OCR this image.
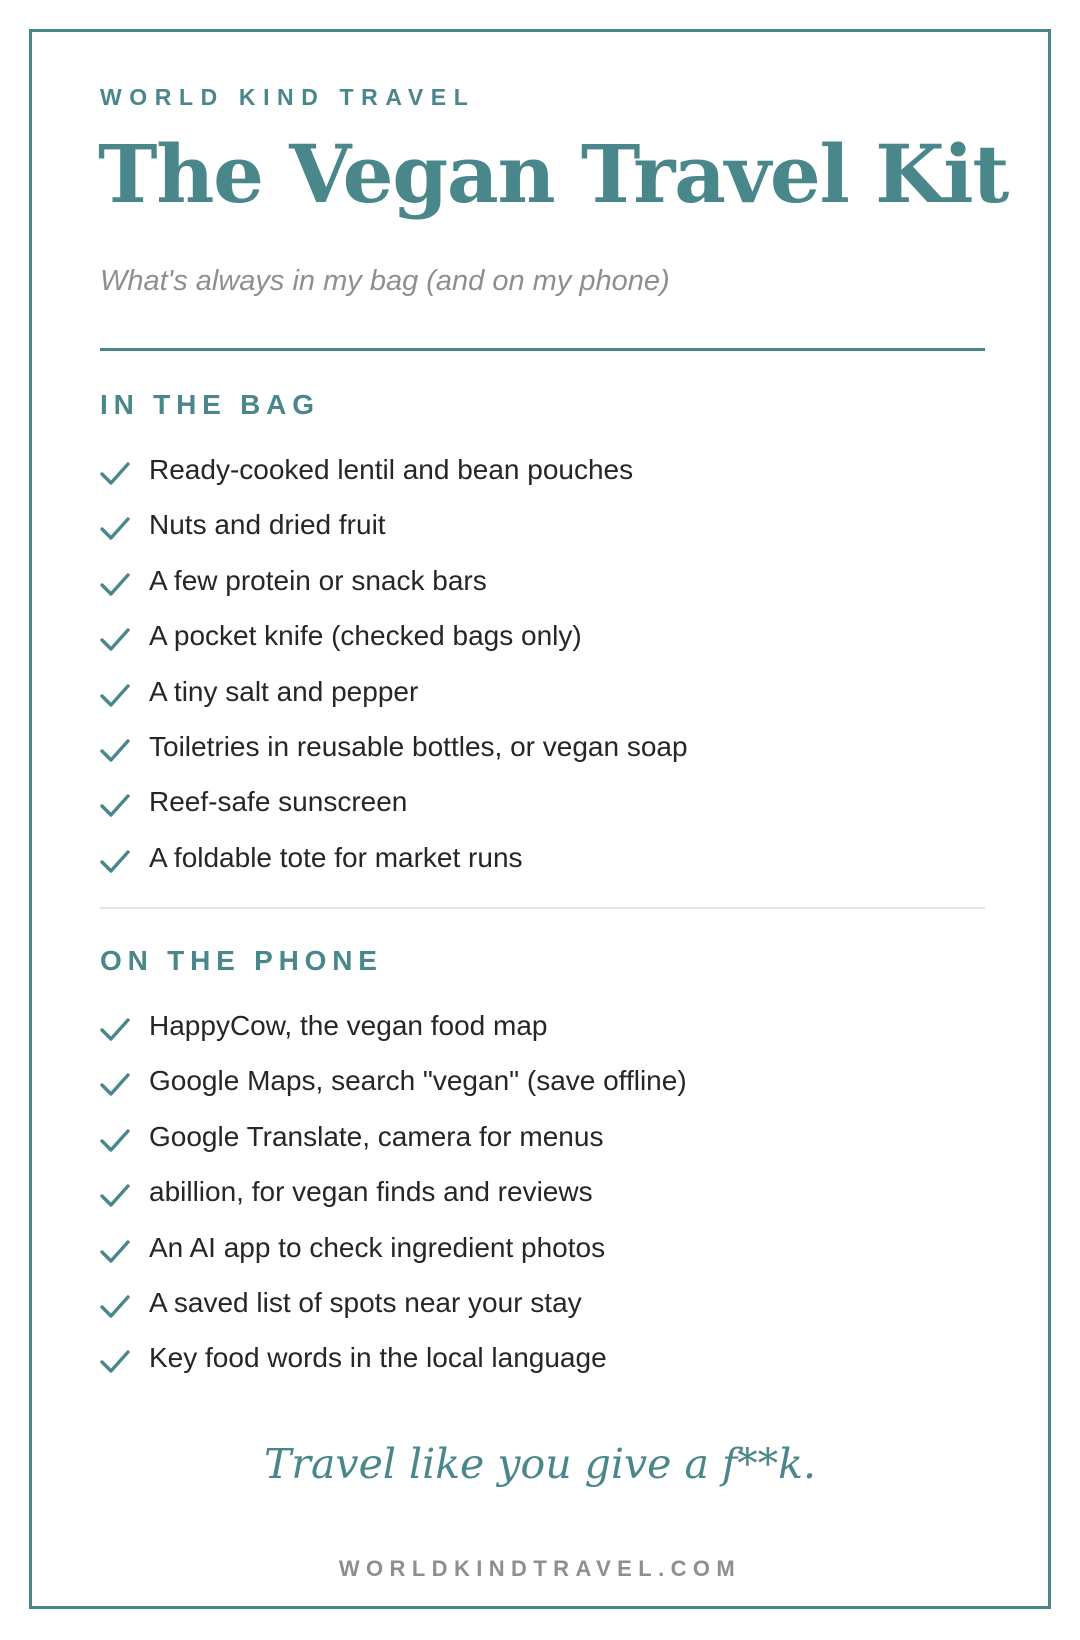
WORLD KIND TRAVEL

The Vegan Travel Kit

What's always in my bag (and on my phone)

IN THE BAG
Ready-cooked lentil and bean pouches
Nuts and dried fruit
A few protein or snack bars
A pocket knife (checked bags only)
A tiny salt and pepper
Toiletries in reusable bottles, or vegan soap
Reef-safe sunscreen
A foldable tote for market runs
ON THE PHONE
HappyCow, the vegan food map
Google Maps, search "vegan" (save offline)
Google Translate, camera for menus
abillion, for vegan finds and reviews
An AI app to check ingredient photos
A saved list of spots near your stay
Key food words in the local language

Travel like you give a f**k.

WORLDKINDTRAVEL.COM
